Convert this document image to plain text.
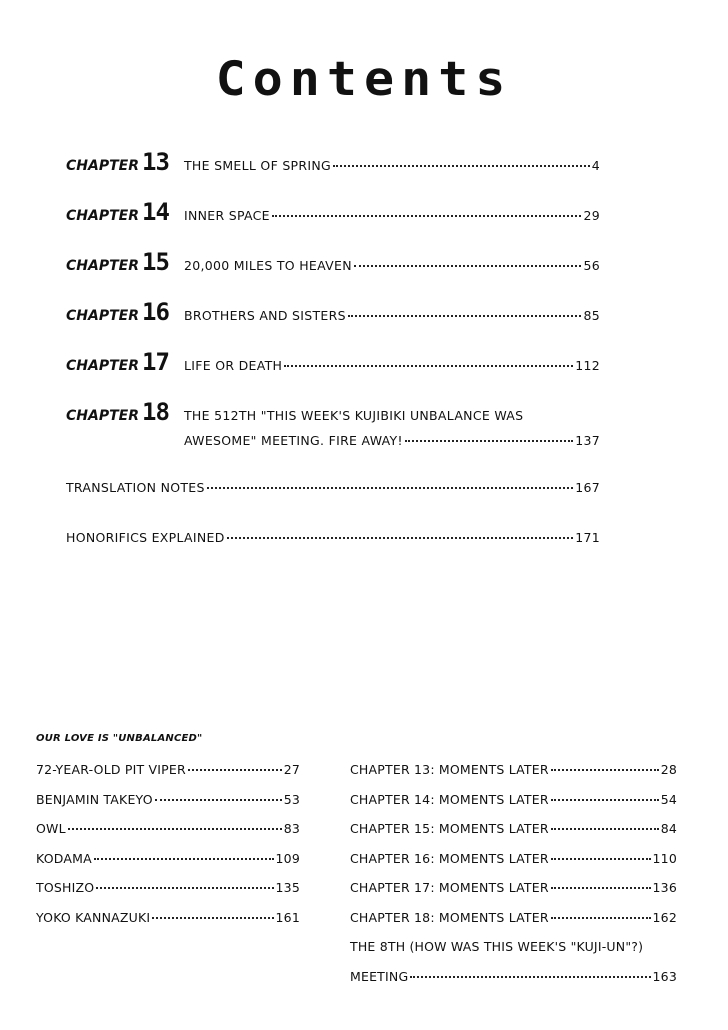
Contents
CHAPTER 13	THE SMELL OF SPRING	4
CHAPTER 14	INNER SPACE	29
CHAPTER 15	20,000 MILES TO HEAVEN	56
CHAPTER 16	BROTHERS AND SISTERS	85
CHAPTER 17	LIFE OR DEATH	112
CHAPTER 18	THE 512TH "THIS WEEK'S KUJIBIKI UNBALANCE WAS
AWESOME" MEETING. FIRE AWAY!	137
TRANSLATION NOTES	167
HONORIFICS EXPLAINED	171
OUR LOVE IS "UNBALANCED"
72-YEAR-OLD PIT VIPER	27
BENJAMIN TAKEYO	53
OWL	83
KODAMA	109
TOSHIZO	135
YOKO KANNAZUKI	161
CHAPTER 13: MOMENTS LATER	28
CHAPTER 14: MOMENTS LATER	54
CHAPTER 15: MOMENTS LATER	84
CHAPTER 16: MOMENTS LATER	110
CHAPTER 17: MOMENTS LATER	136
CHAPTER 18: MOMENTS LATER	162
THE 8TH (HOW WAS THIS WEEK'S "KUJI-UN"?)
MEETING	163
